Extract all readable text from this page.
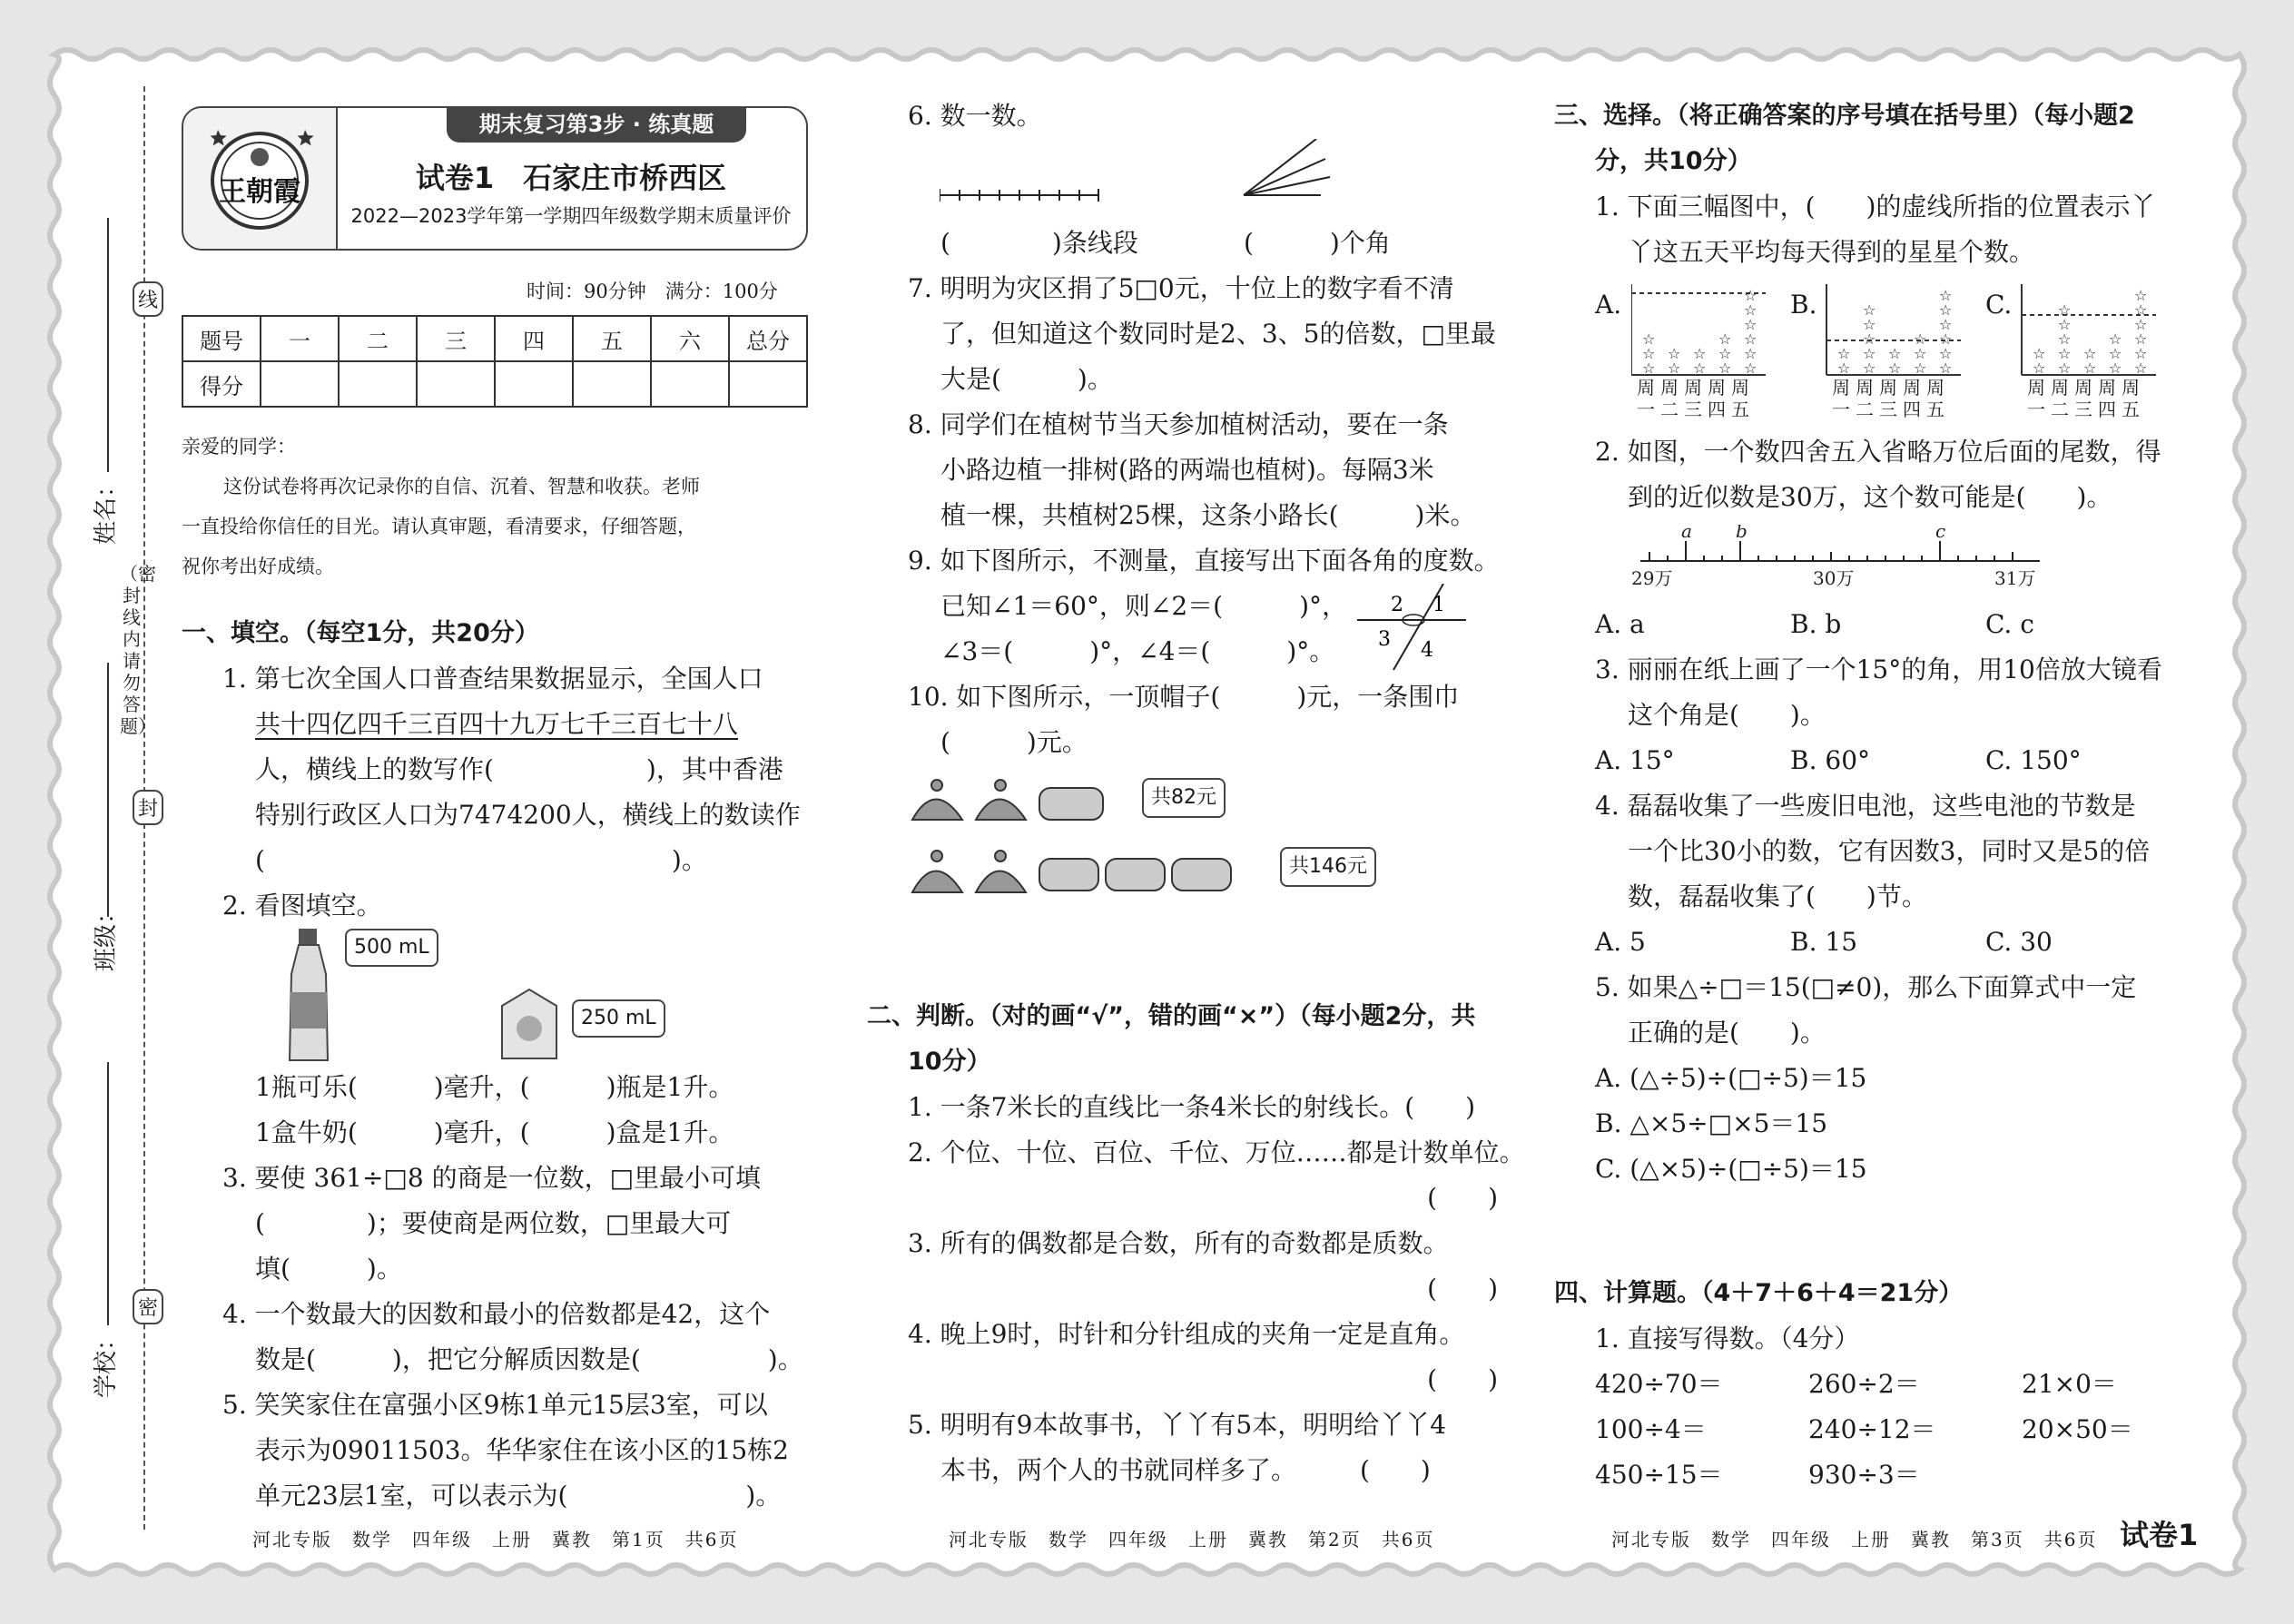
线
封
密
姓名：
班级：
学校：
（密封线内请勿答题）
王朝霞
期末复习第3步 · 练真题
试卷1　石家庄市桥西区
2022—2023学年第一学期四年级数学期末质量评价
时间：90分钟　满分：100分
题号	一	二	三	四	五	六	总分
得分							
亲爱的同学：
这份试卷将再次记录你的自信、沉着、智慧和收获。老师
一直投给你信任的目光。请认真审题，看清要求，仔细答题，
祝你考出好成绩。
一、填空。（每空1分，共20分）
1. 第七次全国人口普查结果数据显示，全国人口
共十四亿四千三百四十九万七千三百七十八
人，横线上的数写作(　　　　　　)，其中香港
特别行政区人口为7474200人，横线上的数读作
(　　　　　　　　　　　　　　　　)。
2. 看图填空。
500 mL
250 mL
1瓶可乐(　　　)毫升，(　　　)瓶是1升。
1盒牛奶(　　　)毫升，(　　　)盒是1升。
3. 要使 361÷□8 的商是一位数，□里最小可填
(　　　　)；要使商是两位数，□里最大可
填(　　　)。
4. 一个数最大的因数和最小的倍数都是42，这个
数是(　　　)，把它分解质因数是(　　　　　)。
5. 笑笑家住在富强小区9栋1单元15层3室，可以
表示为09011503。华华家住在该小区的15栋2
单元23层1室，可以表示为(　　　　　　　)。
6. 数一数。
(　　　　)条线段	(　　　)个角
7. 明明为灾区捐了5□0元，十位上的数字看不清
了，但知道这个数同时是2、3、5的倍数，□里最
大是(　　　)。
8. 同学们在植树节当天参加植树活动，要在一条
小路边植一排树(路的两端也植树)。每隔3米
植一棵，共植树25棵，这条小路长(　　　)米。
9. 如下图所示，不测量，直接写出下面各角的度数。
已知∠1＝60°，则∠2＝(　　　)°，
∠3＝(　　　)°，∠4＝(　　　)°。
2 1
3 4
10. 如下图所示，一顶帽子(　　　)元，一条围巾
(　　　)元。
共82元
共146元
二、判断。（对的画“√”，错的画“×”）（每小题2分，共
10分）
1. 一条7米长的直线比一条4米长的射线长。(　　)
2. 个位、十位、百位、千位、万位……都是计数单位。
(　　)
3. 所有的偶数都是合数，所有的奇数都是质数。
(　　)
4. 晚上9时，时针和分针组成的夹角一定是直角。
(　　)
5. 明明有9本故事书，丫丫有5本，明明给丫丫4
本书，两个人的书就同样多了。　　　(　　)
三、选择。（将正确答案的序号填在括号里）（每小题2
分，共10分）
1. 下面三幅图中，(　　)的虚线所指的位置表示丫
丫这五天平均每天得到的星星个数。
A.	B.	C.
☆
☆
☆
☆
☆
☆
☆
☆
☆
☆
☆
☆
☆
☆
☆
☆
☆
☆
☆
☆
☆
☆
☆
☆
☆
☆
☆
☆
☆
☆
☆
☆
☆
☆
☆
☆
☆
☆
☆
☆
☆
☆
☆
☆
☆
☆
☆
☆
☆
☆
☆
☆
周周周周周
一二三四五
周周周周周
一二三四五
周周周周周
一二三四五
2. 如图，一个数四舍五入省略万位后面的尾数，得
到的近似数是30万，这个数可能是(　　)。
a b	c
29万	30万	31万
A. a	B. b	C. c
3. 丽丽在纸上画了一个15°的角，用10倍放大镜看
这个角是(　　)。
A. 15°	B. 60°	C. 150°
4. 磊磊收集了一些废旧电池，这些电池的节数是
一个比30小的数，它有因数3，同时又是5的倍
数，磊磊收集了(　　)节。
A. 5	B. 15	C. 30
5. 如果△÷□＝15(□≠0)，那么下面算式中一定
正确的是(　　)。
A. (△÷5)÷(□÷5)＝15
B. △×5÷□×5＝15
C. (△×5)÷(□÷5)＝15
四、计算题。（4＋7＋6＋4＝21分）
1. 直接写得数。（4分）
420÷70＝	260÷2＝	21×0＝
100÷4＝	240÷12＝	20×50＝
450÷15＝	930÷3＝
河北专版　数学　四年级　上册　冀教　第1页　共6页	河北专版　数学　四年级　上册　冀教　第2页　共6页	河北专版　数学　四年级　上册　冀教　第3页　共6页 试卷1
